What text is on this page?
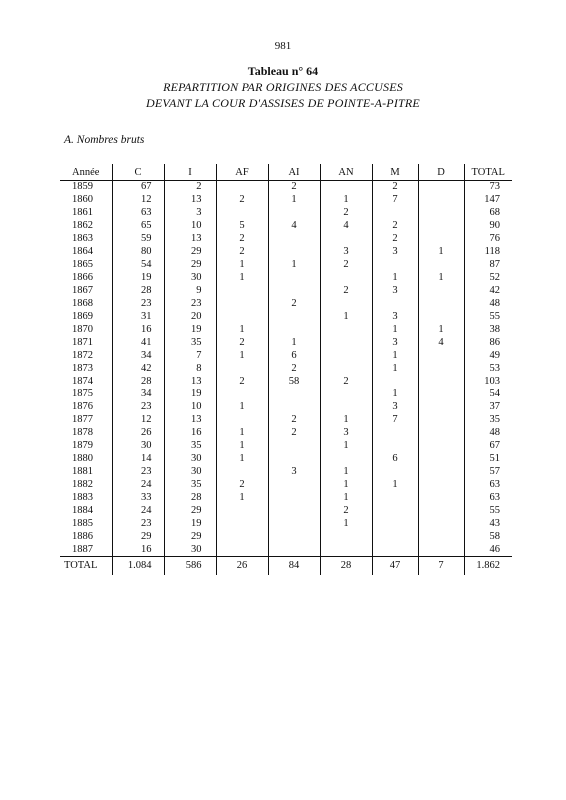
981
Tableau n° 64
REPARTITION PAR ORIGINES DES ACCUSES
DEVANT LA COUR D'ASSISES DE POINTE-A-PITRE
A. Nombres bruts
Année	C	I	AF	AI	AN	M	D	TOTAL
1859	67	2		2		2		73
1860	12	13	2	1	1	7		147
1861	63	3			2			68
1862	65	10	5	4	4	2		90
1863	59	13	2			2		76
1864	80	29	2		3	3	1	118
1865	54	29	1	1	2			87
1866	19	30	1			1	1	52
1867	28	9			2	3		42
1868	23	23		2				48
1869	31	20			1	3		55
1870	16	19	1			1	1	38
1871	41	35	2	1		3	4	86
1872	34	7	1	6		1		49
1873	42	8		2		1		53
1874	28	13	2	58	2			103
1875	34	19				1		54
1876	23	10	1			3		37
1877	12	13		2	1	7		35
1878	26	16	1	2	3			48
1879	30	35	1		1			67
1880	14	30	1			6		51
1881	23	30		3	1			57
1882	24	35	2		1	1		63
1883	33	28	1		1			63
1884	24	29			2			55
1885	23	19			1			43
1886	29	29						58
1887	16	30						46
TOTAL	1.084	586	26	84	28	47	7	1.862
